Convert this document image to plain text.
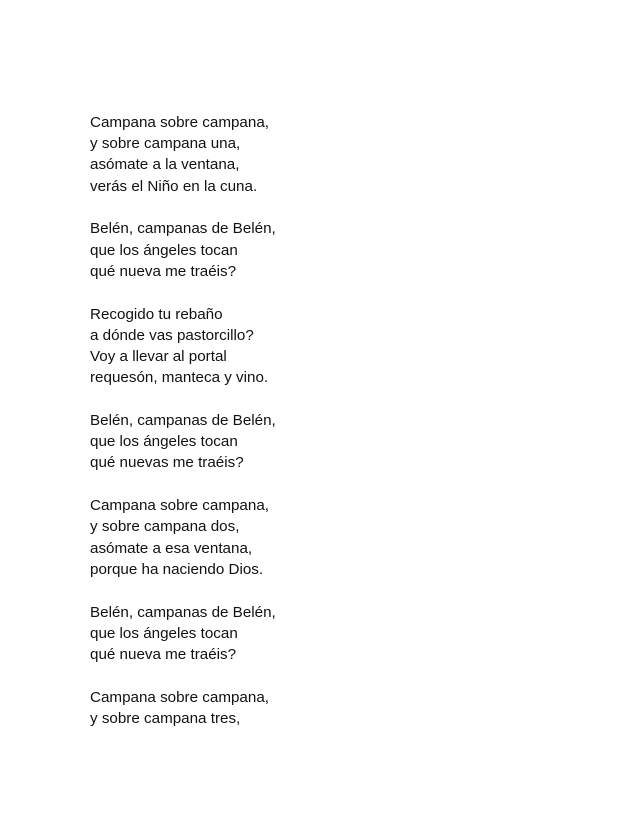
Campana sobre campana,
y sobre campana una,
asómate a la ventana,
verás el Niño en la cuna.
Belén, campanas de Belén,
que los ángeles tocan
qué nueva me traéis?
Recogido tu rebaño
a dónde vas pastorcillo?
Voy a llevar al portal
requesón, manteca y vino.
Belén, campanas de Belén,
que los ángeles tocan
qué nuevas me traéis?
Campana sobre campana,
y sobre campana dos,
asómate a esa ventana,
porque ha naciendo Dios.
Belén, campanas de Belén,
que los ángeles tocan
qué nueva me traéis?
Campana sobre campana,
y sobre campana tres,
